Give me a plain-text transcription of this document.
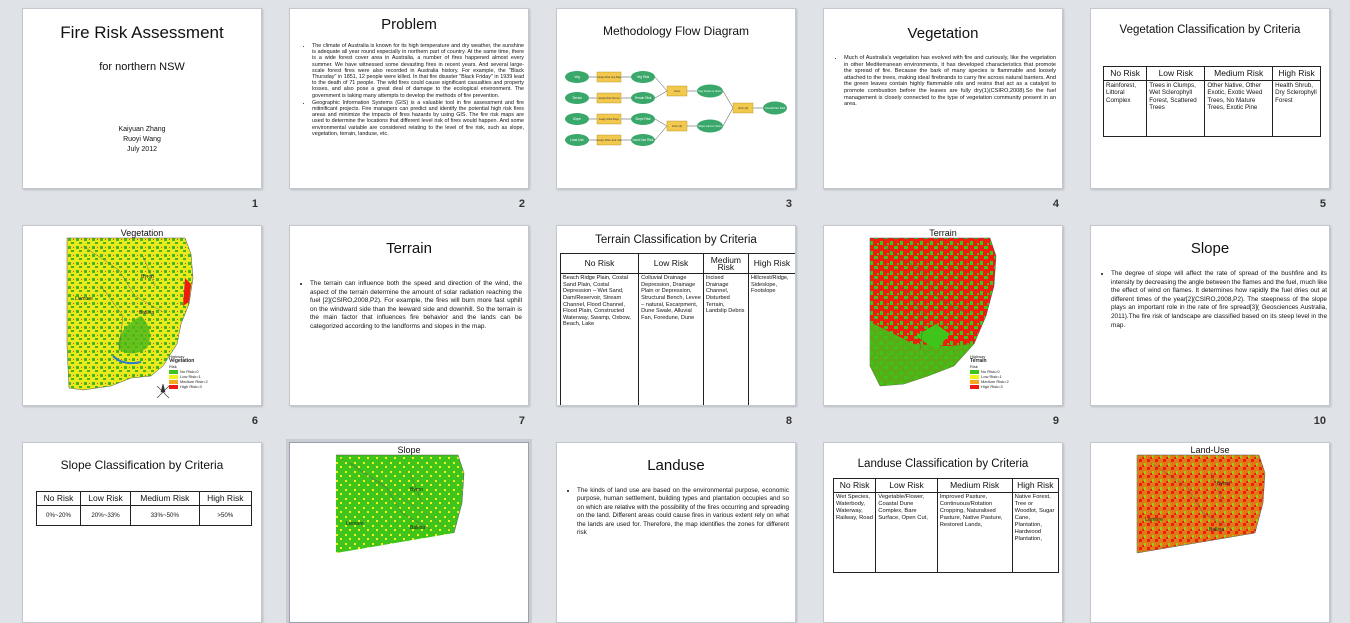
Fire Risk Assessment
for northern NSW
Kaiyuan Zhang
Ruoyi Wang
July 2012
1
Problem
• The climate of Australia is known for its high temperature and dry weather, the sunshine is adequate all year round especially in northern part of country. At the same time, there is a wide forest cover area in Australia, a number of fires happened almost every summer. We have witnessed some devasting fires in recent years. And several large-scale forest fires were also recorded in Australia history. For example, the "Black Thursday" in 1851, 12 people were killed. In that fire disaster "Black Friday" in 1939 lead to the death of 71 people. The wild fires could cause significant casualties and property losses, and also pose a great deal of damage to the ecological environment. The government is taking many attempts to develop the methods of fire prevention.
• Geographic Information Systems (GIS) is a valuable tool in fire assessment and fire mitinificant projects. Fire managers can predict and identify the potential high risk fires areas and minimize the impacts of fires hazards by using GIS. The fire risk maps are used to determine the locations that different level risk of fires would happen. And some environmental variable are considered relating to the level of fire risk, such as slope, vegetation, terrain, landuse, etc.
2
Methodology Flow Diagram
Veg
Terrain
Slope
Land Use
Veg Risk
Terrain Risk
Slope Risk
Land Use Risk
Veg Terrain w Union
Slope Land w Union
Overall Fire Risk
Assign Risk Veg Map
Assign Risk Terrain
Assign Risk Slope
Assign Risk Land Use
Union
Union (2)
Union (3)
3
Vegetation
• Much of Australia's vegetation has evolved with fire and curiously, like the vegetation in other Mediterranean environments, it has developed characteristics that promote the spread of fire. Because the bark of many species is flammable and loosely attached to the trees, making ideal firebrands to carry fire across natural barriers. And the green leaves contain highly flammable oils and resins that act as a catalyst to promote combustion before the leaves are fully dry(1)(CSIRO,2008).So the fuel management is closely connected to the type of vegetation community present in an area.
4
Vegetation Classification by Criteria
No Risk	Low Risk	Medium Risk	High Risk
Rainforest, Littoral Complex	Trees in Clumps, Wet Sclerophyll Forest, Scattered Trees	Other Native, Other Exotic, Exotic Weed Trees, No Mature Trees, Exotic Pine	Health Shrub, Dry Sclerophyll Forest
5
Vegetation
Byron
Lismore
Ballina
Highway
Vegetation
Risk
No Risk=0
Low Risk=1
Medium Risk=2
High Risk=3
6
Terrain
• The terrain can influence both the speed and direction of the wind, the aspect of the terrain determine the amount of solar radiation reaching the fuel [2](CSIRO,2008,P2). For example, the fires will burn more fast uphill on the windward side than the leeward side and downhill. So the terrain is the main factor that influences fire behavior and the lands can be categorized according to the landforms and slopes in the map.
7
Terrain Classification by Criteria
No Risk	Low Risk	Medium Risk	High Risk
Beach Ridge Plain, Costal Sand Plain, Costal Depression – Wet Sand, Dam/Reservoir, Stream Channel, Flood Channel, Flood Plain, Constructed Waterway, Swamp, Oxbow, Beach, Lake	Colluvial Drainage Depression, Drainage Plain or Depression, Structural Bench, Levee – natural, Escarpment, Dune Swale, Alluvial Fan, Foredune, Dune	Incised Drainage Channel, Disturbed Terrain, Landslip Debris	Hillcrest/Ridge, Sideslope, Footslope
8
Terrain
Highway
Terrain
Risk
No Risk=0
Low Risk=1
Medium Risk=2
High Risk=3
9
Slope
• The degree of slope will affect the rate of spread of the bushfire and its intensity by decreasing the angle between the flames and the fuel, much like the effect of wind on flames. It determines how rapidly the fuel dries out at different times of the year[2](CSIRO,2008,P2). The steepness of the slope plays an important role in the rate of fire spread[3]( Geosciences Australia, 2011).The fire risk of landscape are classified based on its steep level in the map.
10
Slope Classification by Criteria
No Risk	Low Risk	Medium Risk	High Risk
0%~20%	20%~33%	33%~50%	>50%
Slope
Byron
Lismore
Ballina
Landuse
• The kinds of land use are based on the environmental purpose, economic purpose, human settlement, building types and plantation occupies and so on which are relative with the possibility of the fires occurring and spreading on the land. Different areas could cause fires in various extent rely on what the lands are used for. Therefore, the map identifies the zones for different risk
Landuse Classification by Criteria
No Risk	Low Risk	Medium Risk	High Risk
Wet Species, Waterbody, Waterway, Railway, Road	Vegetable/Flower, Coastal Dune Complex, Bare Surface, Open Cut,	Improved Pasture, Continuous/Rotation Cropping, Naturalised Pasture, Native Pasture, Restored Lands,	Native Forest, Tree or Woodlot, Sugar Cane, Plantation, Hardwood Plantation,
Land-Use
Byron
Lismore
Ballina
